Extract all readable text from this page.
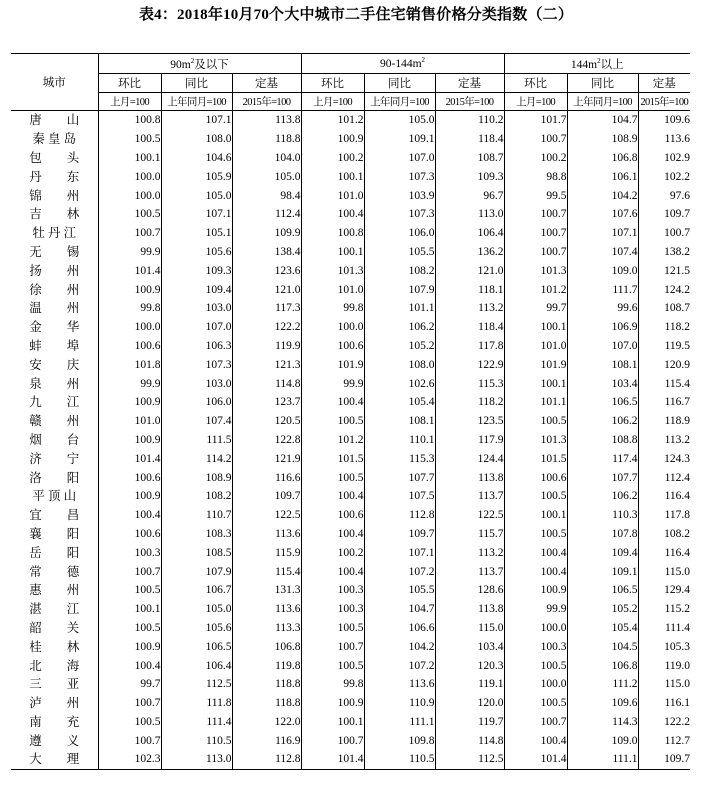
表4：2018年10月70个大中城市二手住宅销售价格分类指数（二）
城市	$90m^2$及以下			$90-144m^2$			$144m^2$以上		
	环比	同比	定基	环比	同比	定基	环比	同比	定基
	上月=100	上年同月=100	2015年=100	上月=100	上年同月=100	2015年=100	上月=100	上年同月=100	2015年=100
唐　　山	100.8	107.1	113.8	101.2	105.0	110.2	101.7	104.7	109.6
秦 皇 岛	100.5	108.0	118.8	100.9	109.1	118.4	100.7	108.9	113.6
包　　头	100.1	104.6	104.0	100.2	107.0	108.7	100.2	106.8	102.9
丹　　东	100.0	105.9	105.0	100.1	107.3	109.3	98.8	106.1	102.2
锦　　州	100.0	105.0	98.4	101.0	103.9	96.7	99.5	104.2	97.6
吉　　林	100.5	107.1	112.4	100.4	107.3	113.0	100.7	107.6	109.7
牡 丹 江	100.7	105.1	109.9	100.8	106.0	106.4	100.7	107.1	100.7
无　　锡	99.9	105.6	138.4	100.1	105.5	136.2	100.7	107.4	138.2
扬　　州	101.4	109.3	123.6	101.3	108.2	121.0	101.3	109.0	121.5
徐　　州	100.9	109.4	121.0	101.0	107.9	118.1	101.2	111.7	124.2
温　　州	99.8	103.0	117.3	99.8	101.1	113.2	99.7	99.6	108.7
金　　华	100.0	107.0	122.2	100.0	106.2	118.4	100.1	106.9	118.2
蚌　　埠	100.6	106.3	119.9	100.6	105.2	117.8	101.0	107.0	119.5
安　　庆	101.8	107.3	121.3	101.9	108.0	122.9	101.9	108.1	120.9
泉　　州	99.9	103.0	114.8	99.9	102.6	115.3	100.1	103.4	115.4
九　　江	100.9	106.0	123.7	100.4	105.4	118.2	101.1	106.5	116.7
赣　　州	101.0	107.4	120.5	100.5	108.1	123.5	100.5	106.2	118.9
烟　　台	100.9	111.5	122.8	101.2	110.1	117.9	101.3	108.8	113.2
济　　宁	101.4	114.2	121.9	101.5	115.3	124.4	101.5	117.4	124.3
洛　　阳	100.6	108.9	116.6	100.5	107.7	113.8	100.6	107.7	112.4
平 顶 山	100.9	108.2	109.7	100.4	107.5	113.7	100.5	106.2	116.4
宜　　昌	100.4	110.7	122.5	100.6	112.8	122.5	100.1	110.3	117.8
襄　　阳	100.6	108.3	113.6	100.4	109.7	115.7	100.5	107.8	108.2
岳　　阳	100.3	108.5	115.9	100.2	107.1	113.2	100.4	109.4	116.4
常　　德	100.7	107.9	115.4	100.4	107.2	113.7	100.4	109.1	115.0
惠　　州	100.5	106.7	131.3	100.3	105.5	128.6	100.9	106.5	129.4
湛　　江	100.1	105.0	113.6	100.3	104.7	113.8	99.9	105.2	115.2
韶　　关	100.5	105.6	113.3	100.5	106.6	115.0	100.0	105.4	111.4
桂　　林	100.9	106.5	106.8	100.7	104.2	103.4	100.3	104.5	105.3
北　　海	100.4	106.4	119.8	100.5	107.2	120.3	100.5	106.8	119.0
三　　亚	99.7	112.5	118.8	99.8	113.6	119.1	100.0	111.2	115.0
泸　　州	100.7	111.8	118.8	100.9	110.9	120.0	100.5	109.6	116.1
南　　充	100.5	111.4	122.0	100.1	111.1	119.7	100.7	114.3	122.2
遵　　义	100.7	110.5	116.9	100.7	109.8	114.8	100.4	109.0	112.7
大　　理	102.3	113.0	112.8	101.4	110.5	112.5	101.4	111.1	109.7
